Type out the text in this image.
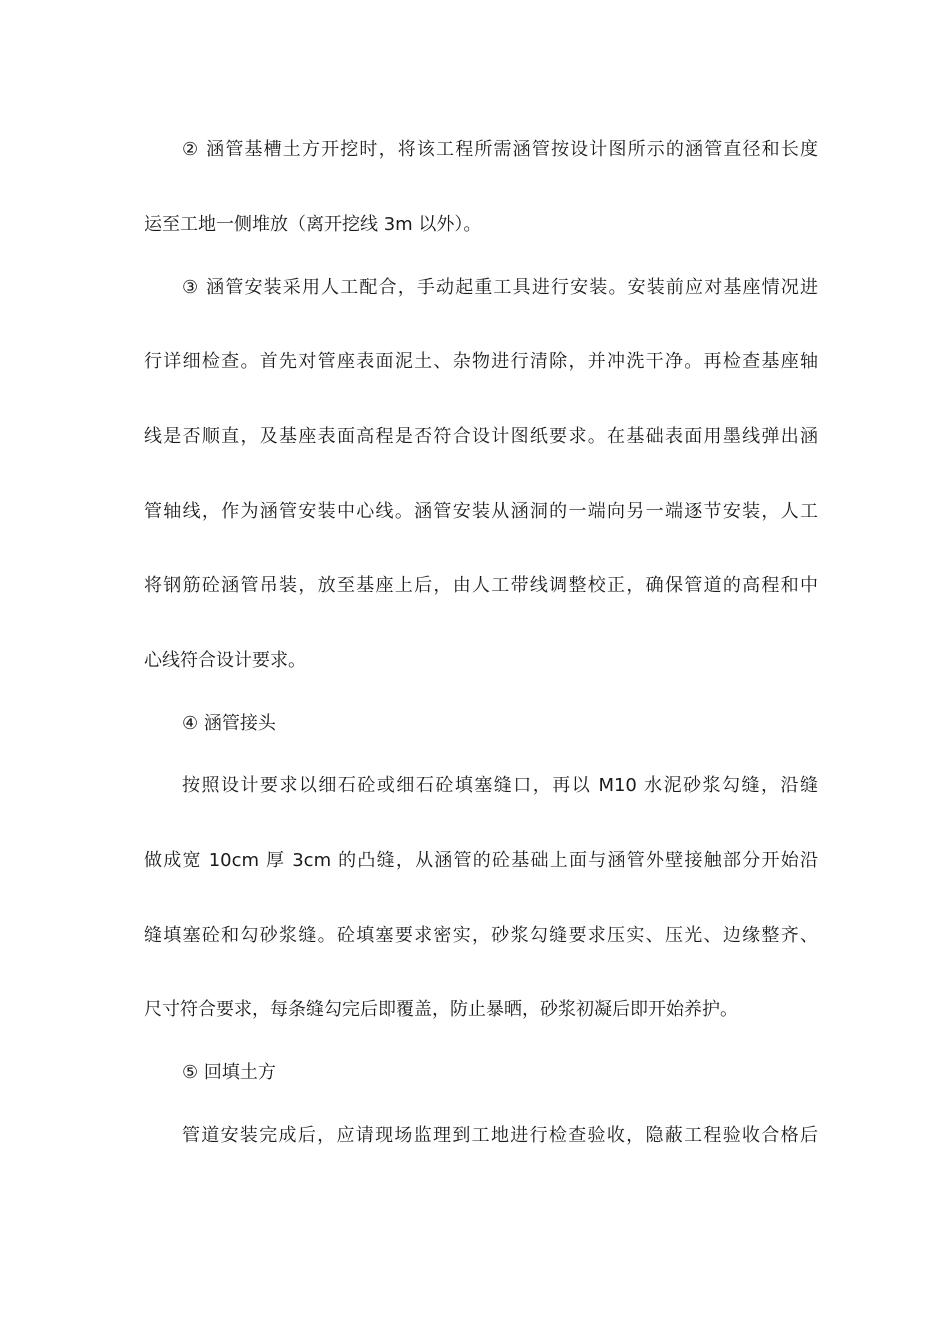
② 涵管基槽土方开挖时，将该工程所需涵管按设计图所示的涵管直径和长度
运至工地一侧堆放（离开挖线 3m 以外）。
③ 涵管安装采用人工配合，手动起重工具进行安装。安装前应对基座情况进
行详细检查。首先对管座表面泥土、杂物进行清除，并冲洗干净。再检查基座轴
线是否顺直，及基座表面高程是否符合设计图纸要求。在基础表面用墨线弹出涵
管轴线，作为涵管安装中心线。涵管安装从涵洞的一端向另一端逐节安装，人工
将钢筋砼涵管吊装，放至基座上后，由人工带线调整校正，确保管道的高程和中
心线符合设计要求。
④ 涵管接头
按照设计要求以细石砼或细石砼填塞缝口，再以 M10 水泥砂浆勾缝，沿缝
做成宽 10cm 厚 3cm 的凸缝，从涵管的砼基础上面与涵管外壁接触部分开始沿
缝填塞砼和勾砂浆缝。砼填塞要求密实，砂浆勾缝要求压实、压光、边缘整齐、
尺寸符合要求，每条缝勾完后即覆盖，防止暴晒，砂浆初凝后即开始养护。
⑤ 回填土方
管道安装完成后，应请现场监理到工地进行检查验收，隐蔽工程验收合格后
